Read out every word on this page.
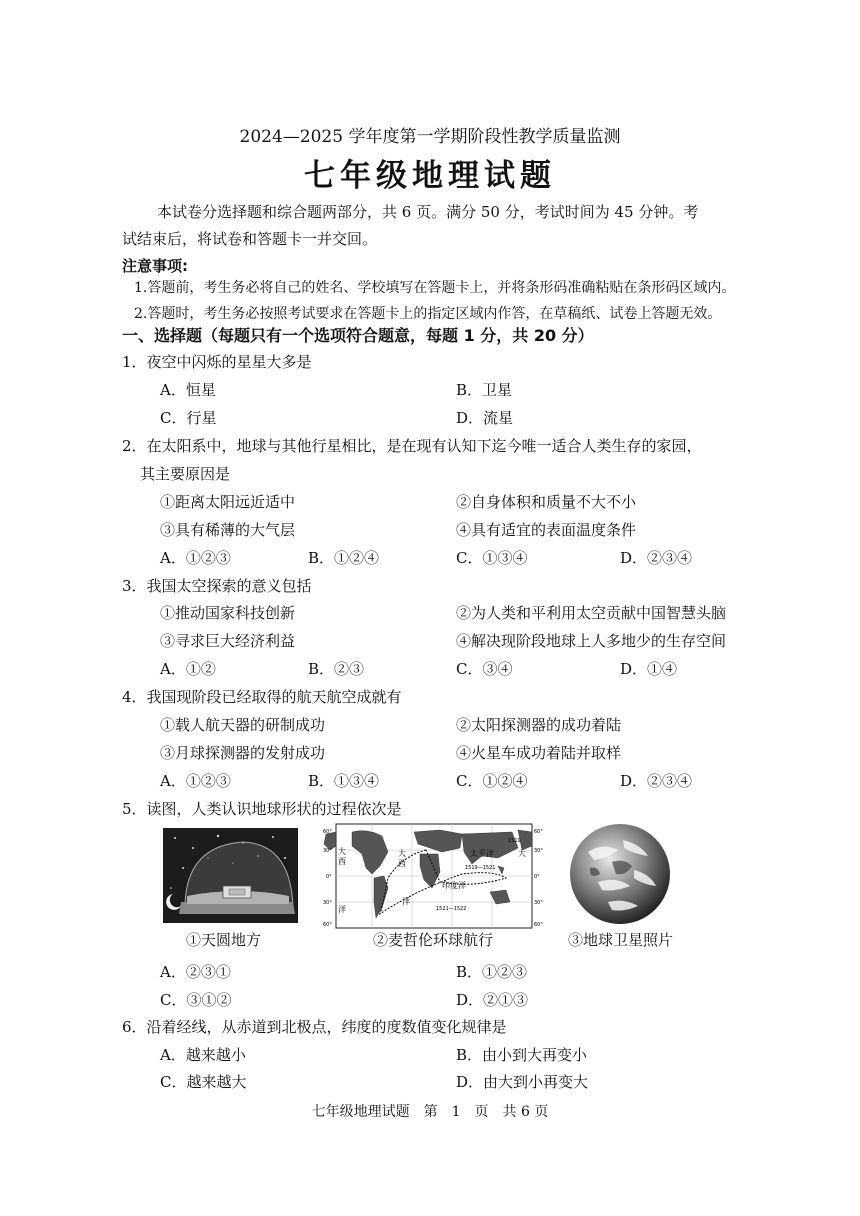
2024—2025 学年度第一学期阶段性教学质量监测
七年级地理试题
本试卷分选择题和综合题两部分，共 6 页。满分 50 分，考试时间为 45 分钟。考
试结束后，将试卷和答题卡一并交回。
注意事项:
1.答题前，考生务必将自己的姓名、学校填写在答题卡上，并将条形码准确粘贴在条形码区域内。
2.答题时，考生务必按照考试要求在答题卡上的指定区域内作答，在草稿纸、试卷上答题无效。
一、选择题（每题只有一个选项符合题意，每题 1 分，共 20 分）
1．夜空中闪烁的星星大多是
A．恒星	B．卫星
C．行星	D．流星
2．在太阳系中，地球与其他行星相比，是在现有认知下迄今唯一适合人类生存的家园，
其主要原因是
①距离太阳远近适中	②自身体积和质量不大不小
③具有稀薄的大气层	④具有适宜的表面温度条件
A．①②③	B．①②④	C．①③④	D．②③④
3．我国太空探索的意义包括
①推动国家科技创新	②为人类和平利用太空贡献中国智慧头脑
③寻求巨大经济利益	④解决现阶段地球上人多地少的生存空间
A．①②	B．②③	C．③④	D．①④
4．我国现阶段已经取得的航天航空成就有
①载人航天器的研制成功	②太阳探测器的成功着陆
③月球探测器的发射成功	④火星车成功着陆并取样
A．①②③	B．①③④	C．①②④	D．②③④
5．读图，人类认识地球形状的过程依次是
①天圆地方
大
西
洋
太平洋
大
西
洋
印度洋
大
1519—1521
1521—1522
1519
60°
30°
0°
30°
60°
60°
30°
0°
30°
60°
②麦哲伦环球航行	③地球卫星照片
A．②③①	B．①②③
C．③①②	D．②①③
6．沿着经线，从赤道到北极点，纬度的度数值变化规律是
A．越来越小	B．由小到大再变小
C．越来越大	D．由大到小再变大
七年级地理试题　第　1　页　共 6 页
